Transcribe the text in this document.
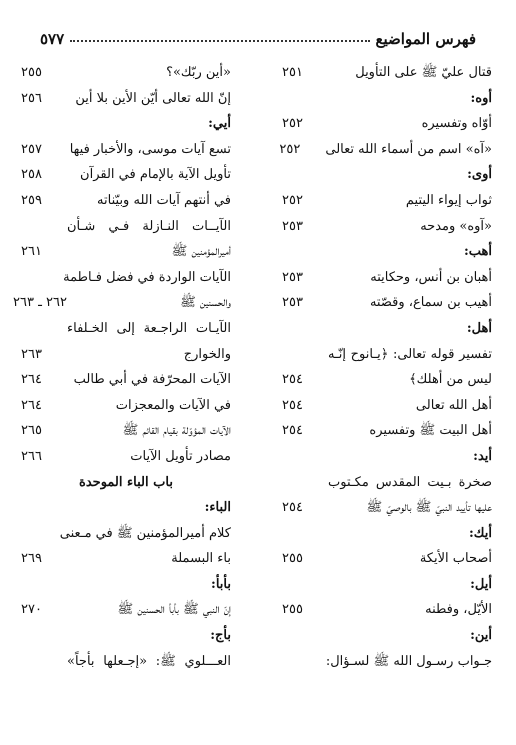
فهرس المواضيع
٥٧٧
قتال عليّ ﷺ على التأويل
٢٥١
أوه:
أوّاه وتفسيره
٢٥٢
«آه» اسم من أسماء الله تعالى
٢٥٢
أوى:
ثواب إيواء اليتيم
٢٥٢
«آوه» ومدحه
٢٥٣
أهب:
أهبان بن أنس، وحكايته
٢٥٣
أهيب بن سماع، وقصّته
٢٥٣
أهل:
تفسير قوله تعالى: ﴿يـانوح إنّـه
ليس من أهلك﴾
٢٥٤
أهل الله تعالى
٢٥٤
أهل البيت ﷺ وتفسيره
٢٥٤
أيد:
صخرة بـيت المقدس مكـتوب
عليها تأييد النبيّ ﷺ بالوصيّ ﷺ
٢٥٤
أيك:
أصحاب الأيكة
٢٥٥
أيل:
الأيّل، وفطنه
٢٥٥
أين:
جـواب رسـول الله ﷺ لسـؤال:
«أين ربّك»؟
٢٥٥
إنّ الله تعالى أيّن الأين بلا أين
٢٥٦
أيي:
تسع آيات موسى، والأخبار فيها
٢٥٧
تأويل الآية بالإمام في القرآن
٢٥٨
في أنتهم آيات الله وبيّناته
٢٥٩
الآيــات النـازلة فـي شـأن
أميرالمؤمنين ﷺ
٢٦١
الآيات الواردة في فضل فـاطمة
والحسنين ﷺ
٢٦٢ ـ ٢٦٣
الآيـات الراجـعة إلى الخـلفاء
والخوارج
٢٦٣
الآيات المحرّفة في أبي طالب
٢٦٤
في الآيات والمعجزات
٢٦٤
الآيات المؤوّلة بقيام القائم ﷺ
٢٦٥
مصادر تأويل الآيات
٢٦٦
باب الباء الموحدة
الباء:
كلام أميرالمؤمنين ﷺ في مـعنى
باء البسملة
٢٦٩
بأبأ:
إنّ النبي ﷺ بأبأ الحسنين ﷺ
٢٧٠
بأج:
العـــلوي ﷺ: «إجـعلها بأجاً»
